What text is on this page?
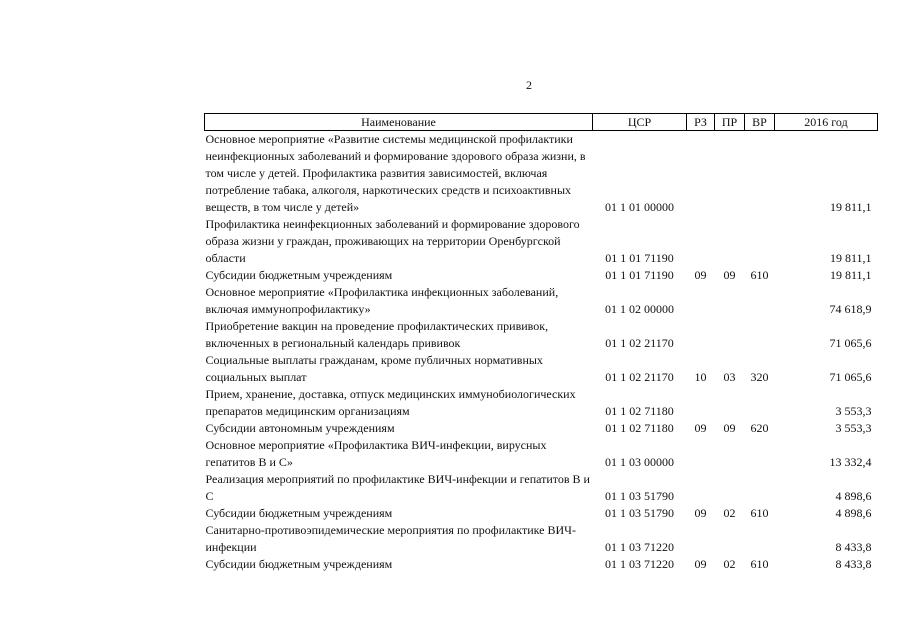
2
Наименование	ЦСР	РЗ	ПР	ВР	2016 год
Основное мероприятие «Развитие системы медицинской профилактики неинфекционных заболеваний и формирование здорового образа жизни, в том числе у детей. Профилактика развития зависимостей, включая потребление табака, алкоголя, наркотических средств и психоактивных веществ, в том числе у детей»	01 1 01 00000				19 811,1
Профилактика неинфекционных заболеваний и формирование здорового образа жизни у граждан, проживающих на территории Оренбургской области	01 1 01 71190				19 811,1
Субсидии бюджетным учреждениям	01 1 01 71190	09	09	610	19 811,1
Основное мероприятие «Профилактика инфекционных заболеваний, включая иммунопрофилактику»	01 1 02 00000				74 618,9
Приобретение вакцин на проведение профилактических прививок, включенных в региональный календарь прививок	01 1 02 21170				71 065,6
Социальные выплаты гражданам, кроме публичных нормативных социальных выплат	01 1 02 21170	10	03	320	71 065,6
Прием, хранение, доставка, отпуск медицинских иммунобиологических препаратов медицинским организациям	01 1 02 71180				3 553,3
Субсидии автономным учреждениям	01 1 02 71180	09	09	620	3 553,3
Основное мероприятие «Профилактика ВИЧ-инфекции, вирусных гепатитов В и С»	01 1 03 00000				13 332,4
Реализация мероприятий по профилактике ВИЧ-инфекции и гепатитов В и С	01 1 03 51790				4 898,6
Субсидии бюджетным учреждениям	01 1 03 51790	09	02	610	4 898,6
Санитарно-противоэпидемические мероприятия по профилактике ВИЧ-инфекции	01 1 03 71220				8 433,8
Субсидии бюджетным учреждениям	01 1 03 71220	09	02	610	8 433,8
